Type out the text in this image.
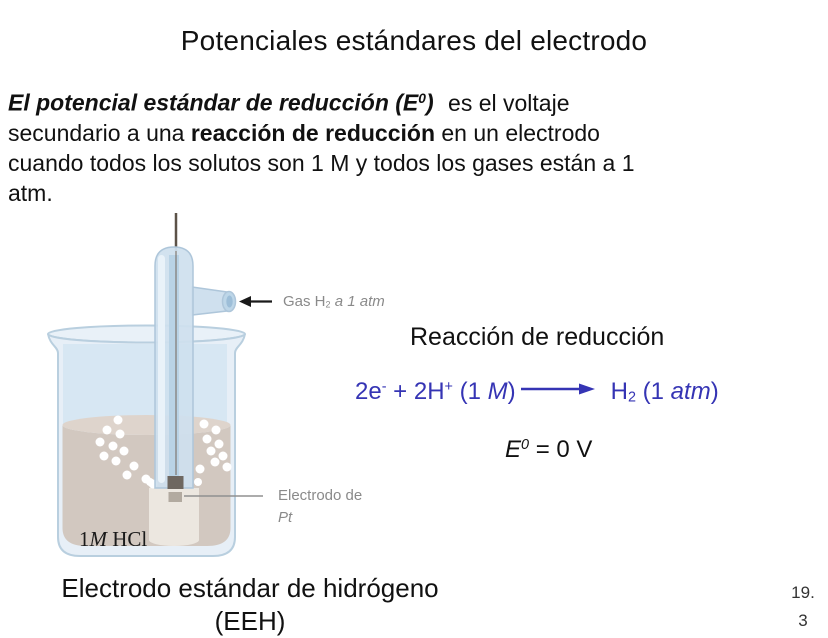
Potenciales estándares del electrodo
El potencial estándar de reducción $(E^0)$ es el voltaje
secundario a una reacción de reducción en un electrodo
cuando todos los solutos son 1 M y todos los gases están a 1
atm.
Gas H2 a 1 atm
Electrodo de
Pt
1M HCl
Reacción de reducción
2e- + 2H+ (1 M) → H2 (1 atm)
$E^0 = 0$ V
Electrodo estándar de hidrógeno
(EEH)
19.
3
